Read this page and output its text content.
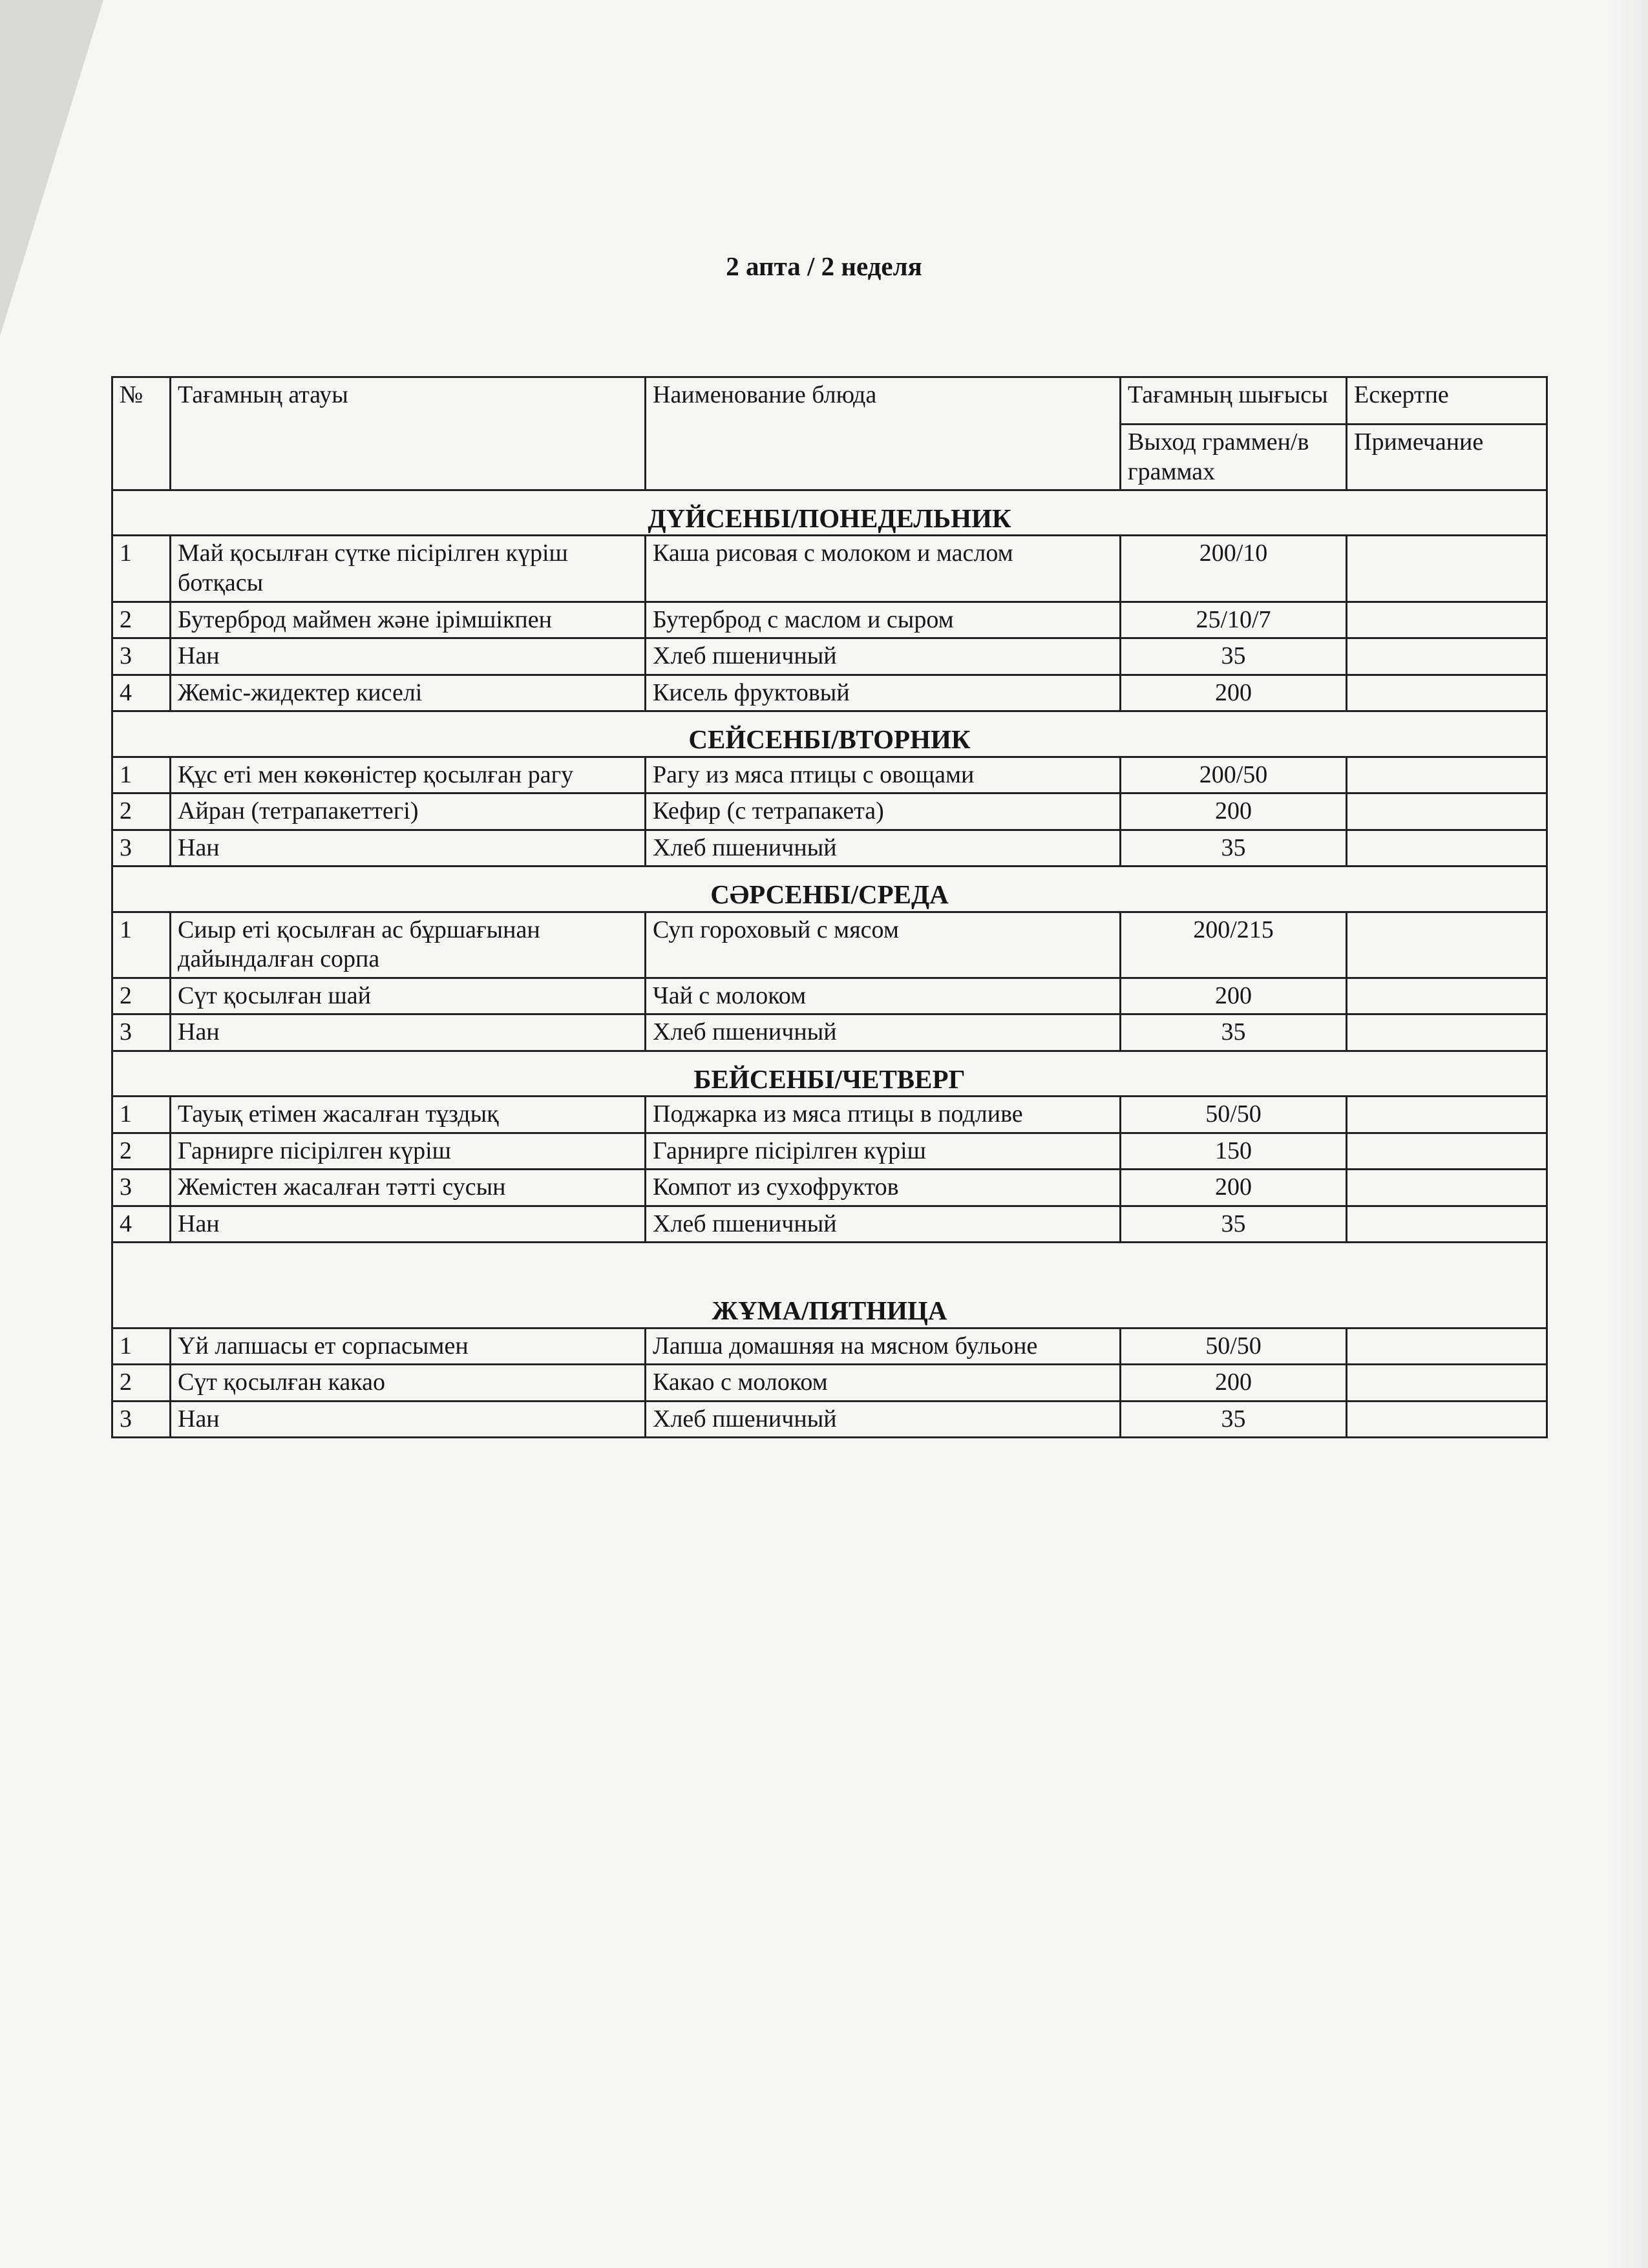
2 апта / 2 неделя
№	Тағамның атауы	Наименование блюда	Тағамның шығысы	Ескертпе
			Выход граммен/в граммах	Примечание
ДҮЙСЕНБІ/ПОНЕДЕЛЬНИК				
1	Май қосылған сүтке пісірілген күріш ботқасы	Каша рисовая с молоком и маслом	200/10	
2	Бутерброд маймен және ірімшікпен	Бутерброд с маслом и сыром	25/10/7	
3	Нан	Хлеб пшеничный	35	
4	Жеміс-жидектер киселі	Кисель фруктовый	200	
СЕЙСЕНБІ/ВТОРНИК				
1	Құс еті мен көкөністер қосылған рагу	Рагу из мяса птицы с овощами	200/50	
2	Айран (тетрапакеттегі)	Кефир (с тетрапакета)	200	
3	Нан	Хлеб пшеничный	35	
СӘРСЕНБІ/СРЕДА				
1	Сиыр еті қосылған ас бұршағынан дайындалған сорпа	Суп гороховый с мясом	200/215	
2	Сүт қосылған шай	Чай с молоком	200	
3	Нан	Хлеб пшеничный	35	
БЕЙСЕНБІ/ЧЕТВЕРГ				
1	Тауық етімен жасалған тұздық	Поджарка из мяса птицы в подливе	50/50	
2	Гарнирге пісірілген күріш	Гарнирге пісірілген күріш	150	
3	Жемістен жасалған тәтті сусын	Компот из сухофруктов	200	
4	Нан	Хлеб пшеничный	35	
ЖҰМА/ПЯТНИЦА				
1	Үй лапшасы ет сорпасымен	Лапша домашняя на мясном бульоне	50/50	
2	Сүт қосылған какао	Какао с молоком	200	
3	Нан	Хлеб пшеничный	35	
